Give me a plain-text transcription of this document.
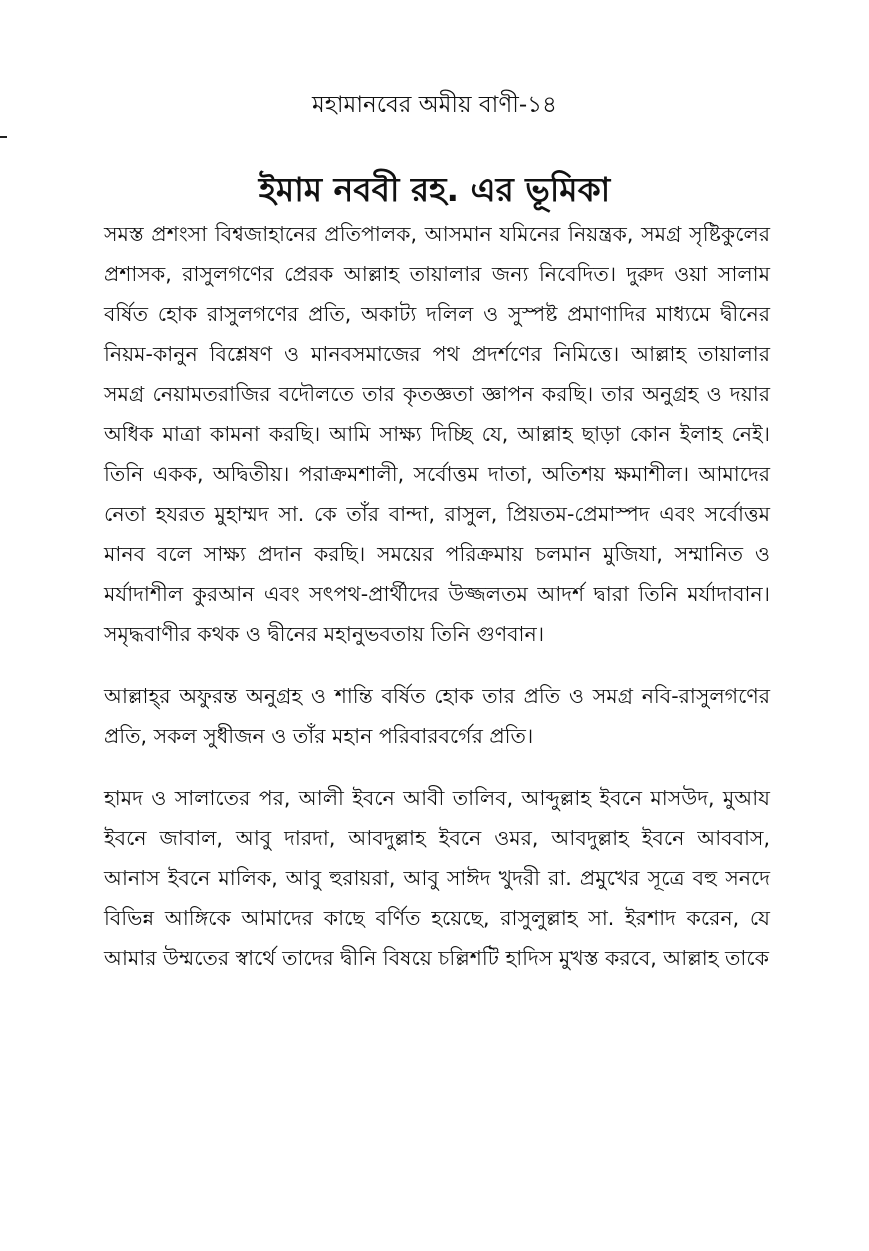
মহামানবের অমীয় বাণী-১৪
ইমাম নববী রহ. এর ভূমিকা

সমস্ত প্রশংসা বিশ্বজাহানের প্রতিপালক, আসমান যমিনের নিয়ন্ত্রক, সমগ্র সৃষ্টিকুলের প্রশাসক, রাসুলগণের প্রেরক আল্লাহ তায়ালার জন্য নিবেদিত। দুরুদ ওয়া সালাম বর্ষিত হোক রাসুলগণের প্রতি, অকাট্য দলিল ও সুস্পষ্ট প্রমাণাদির মাধ্যমে দ্বীনের নিয়ম-কানুন বিশ্লেষণ ও মানবসমাজের পথ প্রদর্শণের নিমিত্তে। আল্লাহ তায়ালার সমগ্র নেয়ামতরাজির বদৌলতে তার কৃতজ্ঞতা জ্ঞাপন করছি। তার অনুগ্রহ ও দয়ার অধিক মাত্রা কামনা করছি। আমি সাক্ষ্য দিচ্ছি যে, আল্লাহ ছাড়া কোন ইলাহ নেই। তিনি একক, অদ্বিতীয়। পরাক্রমশালী, সর্বোত্তম দাতা, অতিশয় ক্ষমাশীল। আমাদের নেতা হযরত মুহাম্মদ সা. কে তাঁর বান্দা, রাসুল, প্রিয়তম-প্রেমাস্পদ এবং সর্বোত্তম মানব বলে সাক্ষ্য প্রদান করছি। সময়ের পরিক্রমায় চলমান মুজিযা, সম্মানিত ও মর্যাদাশীল কুরআন এবং সৎপথ-প্রার্থীদের উজ্জলতম আদর্শ দ্বারা তিনি মর্যাদাবান। সমৃদ্ধবাণীর কথক ও দ্বীনের মহানুভবতায় তিনি গুণবান।

আল্লাহ্‌র অফুরন্ত অনুগ্রহ ও শান্তি বর্ষিত হোক তার প্রতি ও সমগ্র নবি-রাসুলগণের প্রতি, সকল সুধীজন ও তাঁর মহান পরিবারবর্গের প্রতি।

হামদ ও সালাতের পর, আলী ইবনে আবী তালিব, আব্দুল্লাহ ইবনে মাসউদ, মুআয ইবনে জাবাল, আবু দারদা, আবদুল্লাহ ইবনে ওমর, আবদুল্লাহ ইবনে আববাস, আনাস ইবনে মালিক, আবু হুরায়রা, আবু সাঈদ খুদরী রা. প্রমুখের সূত্রে বহু সনদে বিভিন্ন আঙ্গিকে আমাদের কাছে বর্ণিত হয়েছে, রাসুলুল্লাহ সা. ইরশাদ করেন, যে আমার উম্মতের স্বার্থে তাদের দ্বীনি বিষয়ে চল্লিশটি হাদিস মুখস্ত করবে, আল্লাহ তাকে
